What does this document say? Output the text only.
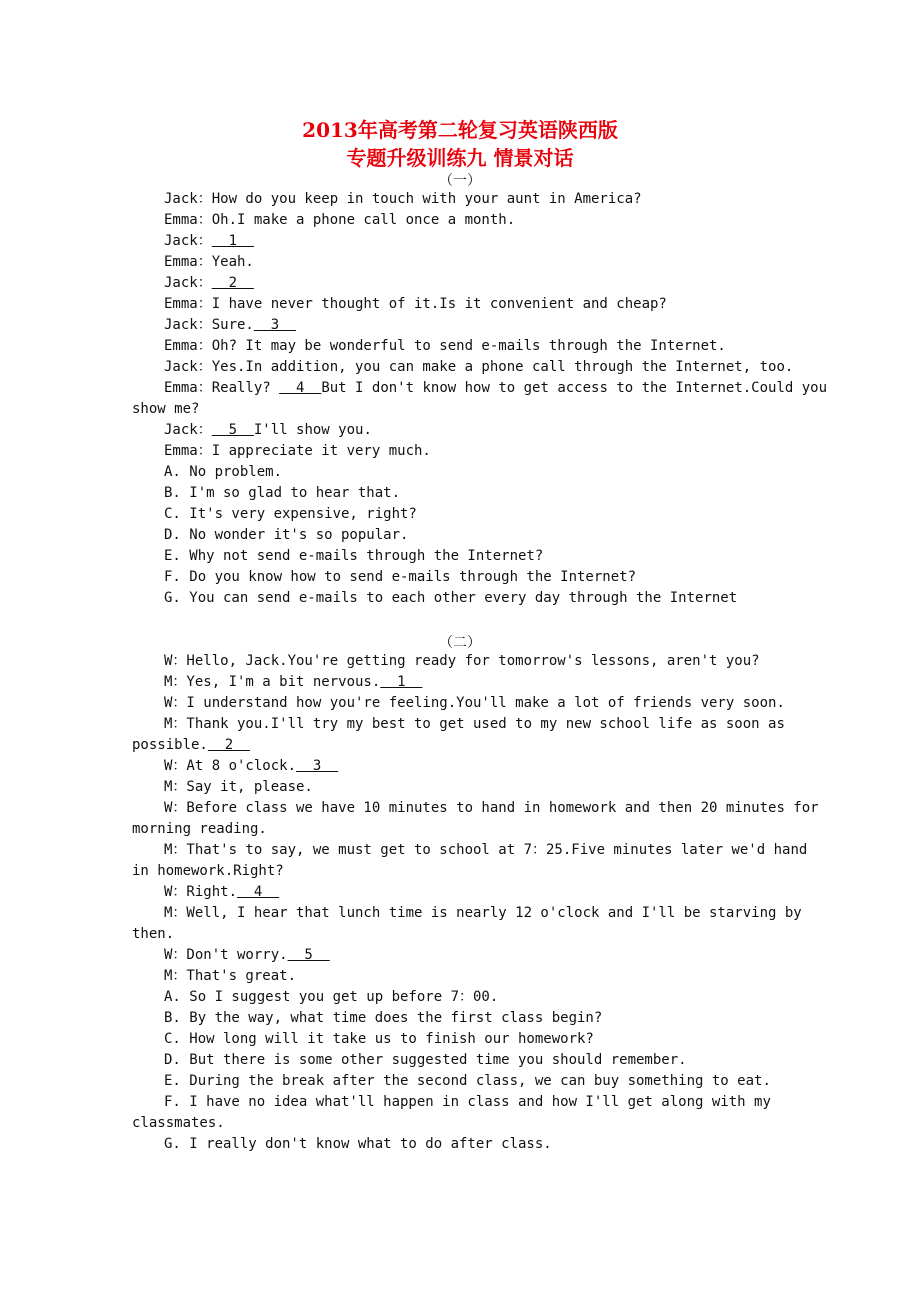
2013年高考第二轮复习英语陕西版
专题升级训练九 情景对话
（一）
Jack：How do you keep in touch with your aunt in America?
Emma：Oh.I make a phone call once a month.
Jack：  1
Emma：Yeah.
Jack：  2
Emma：I have never thought of it.Is it convenient and cheap?
Jack：Sure.  3
Emma：Oh? It may be wonderful to send e-mails through the Internet.
Jack：Yes.In addition, you can make a phone call through the Internet, too.
Emma：Really?   4  But I don't know how to get access to the Internet.Could you
show me?
Jack：  5  I'll show you.
Emma：I appreciate it very much.
A. No problem.
B. I'm so glad to hear that.
C. It's very expensive, right?
D. No wonder it's so popular.
E. Why not send e-mails through the Internet?
F. Do you know how to send e-mails through the Internet?
G. You can send e-mails to each other every day through the Internet
（二）
W：Hello, Jack.You're getting ready for tomorrow's lessons, aren't you?
M：Yes, I'm a bit nervous.  1
W：I understand how you're feeling.You'll make a lot of friends very soon.
M：Thank you.I'll try my best to get used to my new school life as soon as
possible.  2
W：At 8 o'clock.  3
M：Say it, please.
W：Before class we have 10 minutes to hand in homework and then 20 minutes for
morning reading.
M：That's to say, we must get to school at 7：25.Five minutes later we'd hand
in homework.Right?
W：Right.  4
M：Well, I hear that lunch time is nearly 12 o'clock and I'll be starving by
then.
W：Don't worry.  5
M：That's great.
A. So I suggest you get up before 7：00.
B. By the way, what time does the first class begin?
C. How long will it take us to finish our homework?
D. But there is some other suggested time you should remember.
E. During the break after the second class, we can buy something to eat.
F. I have no idea what'll happen in class and how I'll get along with my
classmates.
G. I really don't know what to do after class.
